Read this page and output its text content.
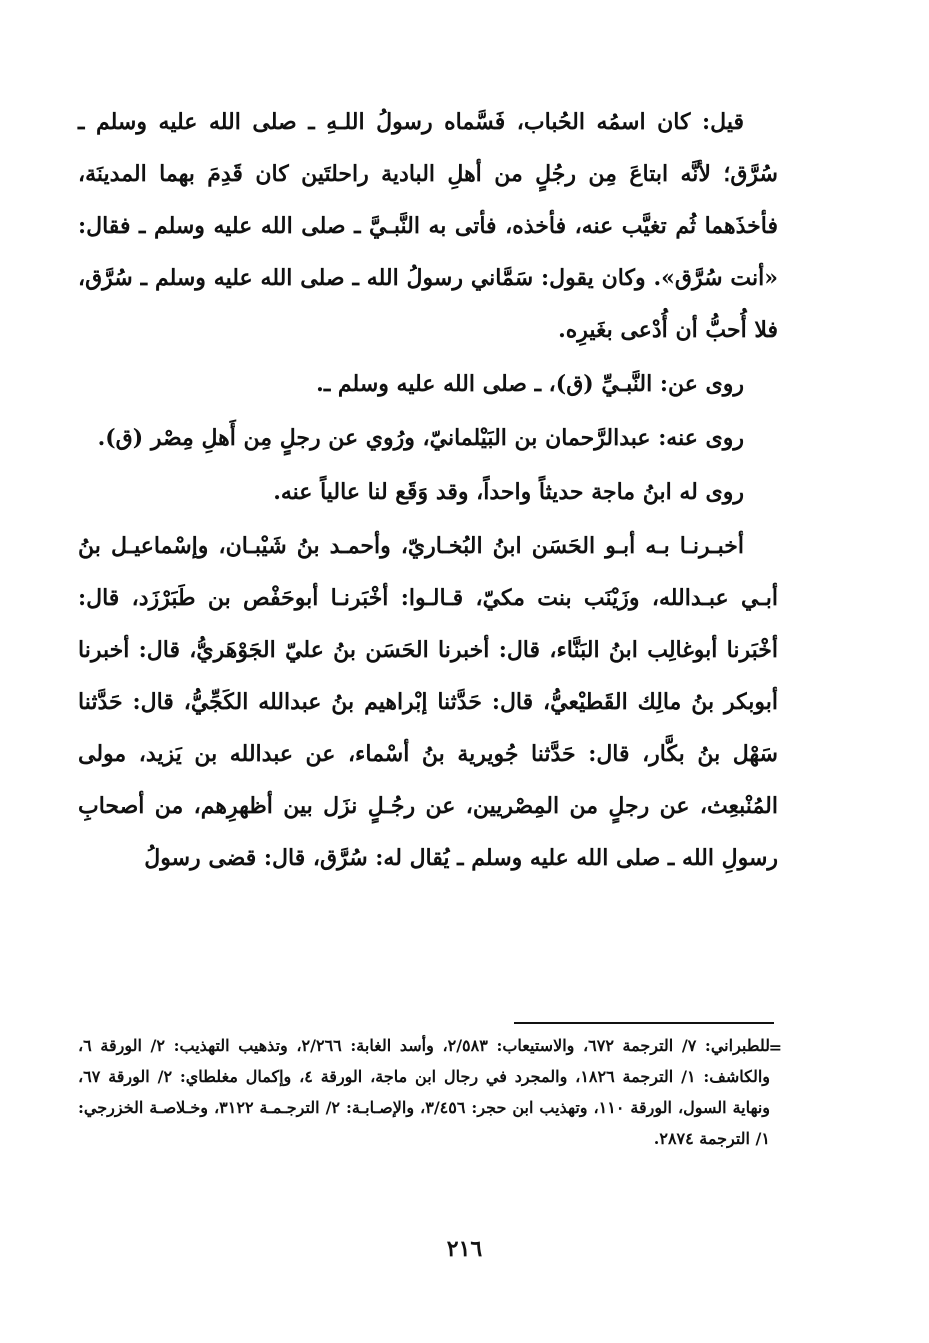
قيل: كان اسمُه الحُباب، فَسَّماه رسولُ اللـهِ ـ صلى الله عليه وسلم ـ سُرَّق؛ لأنَّه ابتاعَ مِن رجُلٍ من أهلِ البادية راحلتَين كان قَدِمَ بهما المدينَة، فأخذَهما ثُم تغيَّب عنه، فأخذه، فأتى به النَّبـيَّ ـ صلى الله عليه وسلم ـ فقال: «أنت سُرَّق». وكان يقول: سَمَّاني رسولُ الله ـ صلى الله عليه وسلم ـ سُرَّق، فلا أُحبُّ أن أُدْعى بغَيرِه.

روى عن: النَّبـيِّ (ق)، ـ صلى الله عليه وسلم ـ.

روى عنه: عبدالرَّحمان بن البَيْلمانيّ، ورُوي عن رجلٍ مِن أَهلِ مِصْر (ق).

روى له ابنُ ماجة حديثاً واحداً، وقد وَقَع لنا عالياً عنه.

أخبـرنـا بـه أبـو الحَسَن ابنُ البُخـاريّ، وأحمـد بنُ شَيْبـان، وإسْماعيـل بنُ أبـي عبـدالله، وزَيْنَب بنت مكيّ، قـالـوا: أخْبَرنـا أبوحَفْص بن طَبَرْزَد، قال: أخْبَرنا أبوغالِب ابنُ البَنَّاء، قال: أخبرنا الحَسَن بنُ عليّ الجَوْهَريُّ، قال: أخبرنا أبوبكر بنُ مالِك القَطيْعيُّ، قال: حَدَّثنا إبْراهيم بنُ عبدالله الكَجِّيُّ، قال: حَدَّثنا سَهْل بنُ بكَّار، قال: حَدَّثنا جُويرية بنُ أسْماء، عن عبدالله بن يَزيد، مولى المُنْبعِث، عن رجلٍ من المِصْريين، عن رجُـلٍ نزَل بين أظهرِهم، من أصحابِ رسولِ الله ـ صلى الله عليه وسلم ـ يُقال له: سُرَّق، قال: قضى رسولُ

=
للطبراني: ٧/ الترجمة ٦٧٢، والاستيعاب: ٢/٥٨٣، وأسد الغابة: ٢/٢٦٦، وتذهيب التهذيب: ٢/ الورقة ٦، والكاشف: ١/ الترجمة ١٨٢٦، والمجرد في رجال ابن ماجة، الورقة ٤، وإكمال مغلطاي: ٢/ الورقة ٦٧، ونهاية السول، الورقة ١١٠، وتهذيب ابن حجر: ٣/٤٥٦، والإصـابـة: ٢/ الترجـمـة ٣١٢٢، وخـلاصـة الخزرجي: ١/ الترجمة ٢٨٧٤.
٢١٦
